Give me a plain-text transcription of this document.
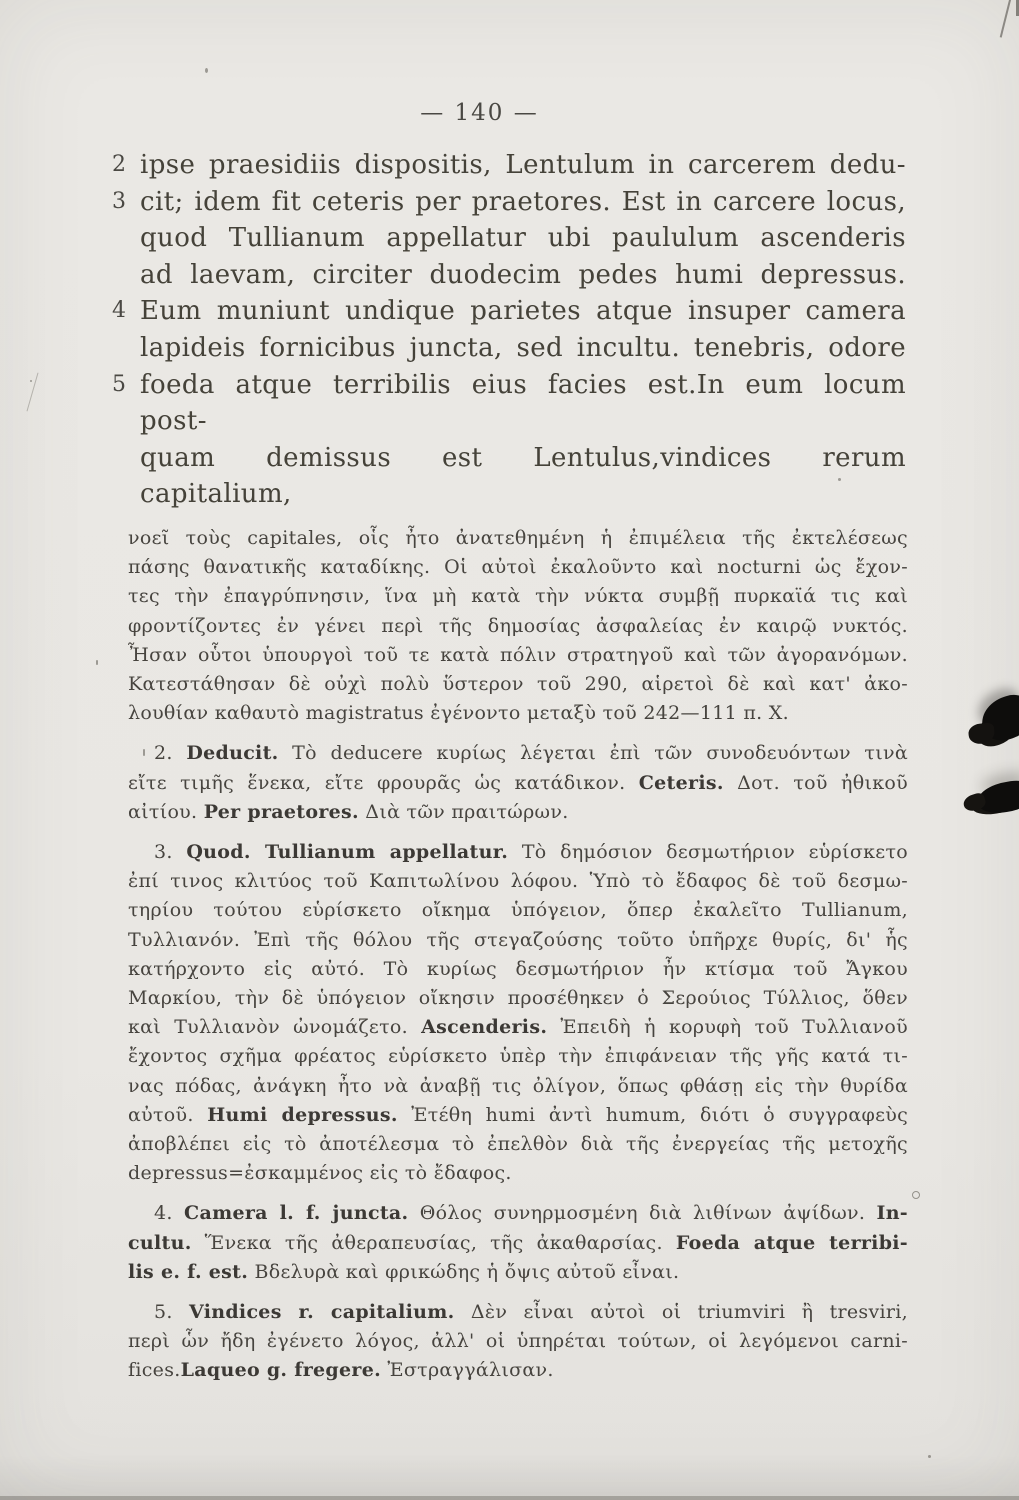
— 140 —
2 ipse praesidiis dispositis, Lentulum in carcerem dedu-
3 cit; idem fit ceteris per praetores. Est in carcere locus,
quod Tullianum appellatur ubi paululum ascenderis
ad laevam, circiter duodecim pedes humi depressus.
4 Eum muniunt undique parietes atque insuper camera
lapideis fornicibus juncta, sed incultu. tenebris, odore
5 foeda atque terribilis eius facies est.In eum locum post-
quam demissus est Lentulus,vindices rerum capitalium,
νοεῖ τοὺς capitales, οἷς ἦτο ἀνατεθημένη ἡ ἐπιμέλεια τῆς ἐκτελέσεως
πάσης θανατικῆς καταδίκης. Οἱ αὐτοὶ ἐκαλοῦντο καὶ nocturni ὡς ἔχον-
τες τὴν ἐπαγρύπνησιν, ἵνα μὴ κατὰ τὴν νύκτα συμβῇ πυρκαϊά τις καὶ
φροντίζοντες ἐν γένει περὶ τῆς δημοσίας ἀσφαλείας ἐν καιρῷ νυκτός.
Ἦσαν οὗτοι ὑπουργοὶ τοῦ τε κατὰ πόλιν στρατηγοῦ καὶ τῶν ἀγορανόμων.
Κατεστάθησαν δὲ οὐχὶ πολὺ ὕστερον τοῦ 290, αἱρετοὶ δὲ καὶ κατ' ἀκο-
λουθίαν καθαυτὸ magistratus ἐγένοντο μεταξὺ τοῦ 242—111 π. Χ.
2. Deducit. Τὸ deducere κυρίως λέγεται ἐπὶ τῶν συνοδευόντων τινὰ
εἴτε τιμῆς ἕνεκα, εἴτε φρουρᾶς ὡς κατάδικον. Ceteris. Δοτ. τοῦ ἠθικοῦ
αἰτίου. Per praetores. Διὰ τῶν πραιτώρων.
3. Quod. Tullianum appellatur. Τὸ δημόσιον δεσμωτήριον εὑρίσκετο
ἐπί τινος κλιτύος τοῦ Καπιτωλίνου λόφου. Ὑπὸ τὸ ἔδαφος δὲ τοῦ δεσμω-
τηρίου τούτου εὑρίσκετο οἴκημα ὑπόγειον, ὅπερ ἐκαλεῖτο Tullianum,
Τυλλιανόν. Ἐπὶ τῆς θόλου τῆς στεγαζούσης τοῦτο ὑπῆρχε θυρίς, δι' ἧς
κατήρχοντο εἰς αὐτό. Τὸ κυρίως δεσμωτήριον ἦν κτίσμα τοῦ Ἄγκου
Μαρκίου, τὴν δὲ ὑπόγειον οἴκησιν προσέθηκεν ὁ Σερούιος Τύλλιος, ὅθεν
καὶ Τυλλιανὸν ὠνομάζετο. Ascenderis. Ἐπειδὴ ἡ κορυφὴ τοῦ Τυλλιανοῦ
ἔχοντος σχῆμα φρέατος εὑρίσκετο ὑπὲρ τὴν ἐπιφάνειαν τῆς γῆς κατά τι-
νας πόδας, ἀνάγκη ἦτο νὰ ἀναβῇ τις ὀλίγον, ὅπως φθάσῃ εἰς τὴν θυρίδα
αὐτοῦ. Humi depressus. Ἐτέθη humi ἀντὶ humum, διότι ὁ συγγραφεὺς
ἀποβλέπει εἰς τὸ ἀποτέλεσμα τὸ ἐπελθὸν διὰ τῆς ἐνεργείας τῆς μετοχῆς
depressus=ἐσκαμμένος εἰς τὸ ἔδαφος.
4. Camera l. f. juncta. Θόλος συνηρμοσμένη διὰ λιθίνων ἀψίδων. In-
cultu. Ἕνεκα τῆς ἀθεραπευσίας, τῆς ἀκαθαρσίας. Foeda atque terribi-
lis e. f. est. Βδελυρὰ καὶ φρικώδης ἡ ὄψις αὐτοῦ εἶναι.
5. Vindices r. capitalium. Δὲν εἶναι αὐτοὶ οἱ triumviri ἢ tresviri,
περὶ ὧν ἤδη ἐγένετο λόγος, ἀλλ' οἱ ὑπηρέται τούτων, οἱ λεγόμενοι carni-
fices.Laqueo g. fregere. Ἐστραγγάλισαν.
